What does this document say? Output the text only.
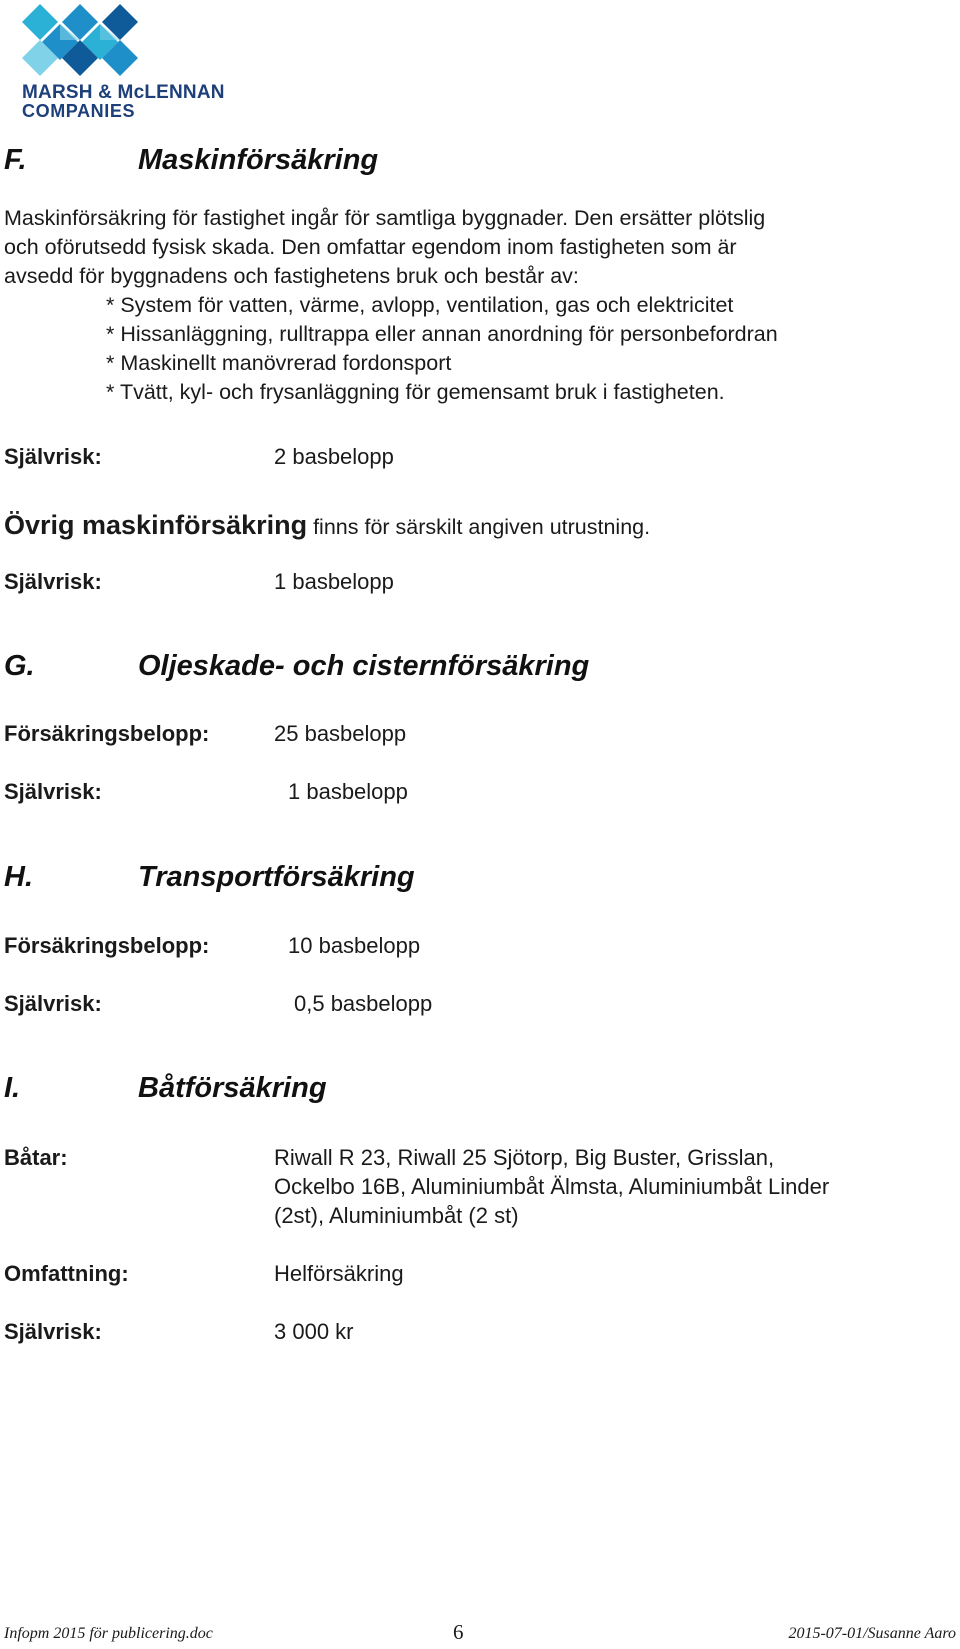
MARSH & McLENNAN
COMPANIES
F.	Maskinförsäkring
Maskinförsäkring för fastighet ingår för samtliga byggnader. Den ersätter plötslig
och oförutsedd fysisk skada. Den omfattar egendom inom fastigheten som är
avsedd för byggnadens och fastighetens bruk och består av:
* System för vatten, värme, avlopp, ventilation, gas och elektricitet
* Hissanläggning, rulltrappa eller annan anordning för personbefordran
* Maskinellt manövrerad fordonsport
* Tvätt, kyl- och frysanläggning för gemensamt bruk i fastigheten.
Självrisk:	2 basbelopp
Övrig maskinförsäkring finns för särskilt angiven utrustning.
Självrisk:	1 basbelopp
G.	Oljeskade- och cisternförsäkring
Försäkringsbelopp:	25 basbelopp
Självrisk:	1 basbelopp
H.	Transportförsäkring
Försäkringsbelopp:	10 basbelopp
Självrisk:	0,5 basbelopp
I.	Båtförsäkring
Båtar:	Riwall R 23, Riwall 25 Sjötorp, Big Buster, Grisslan,
Ockelbo 16B, Aluminiumbåt Älmsta, Aluminiumbåt Linder
(2st), Aluminiumbåt (2 st)
Omfattning:	Helförsäkring
Självrisk:	3 000 kr
Infopm 2015 för publicering.doc	6	2015-07-01/Susanne Aaro
